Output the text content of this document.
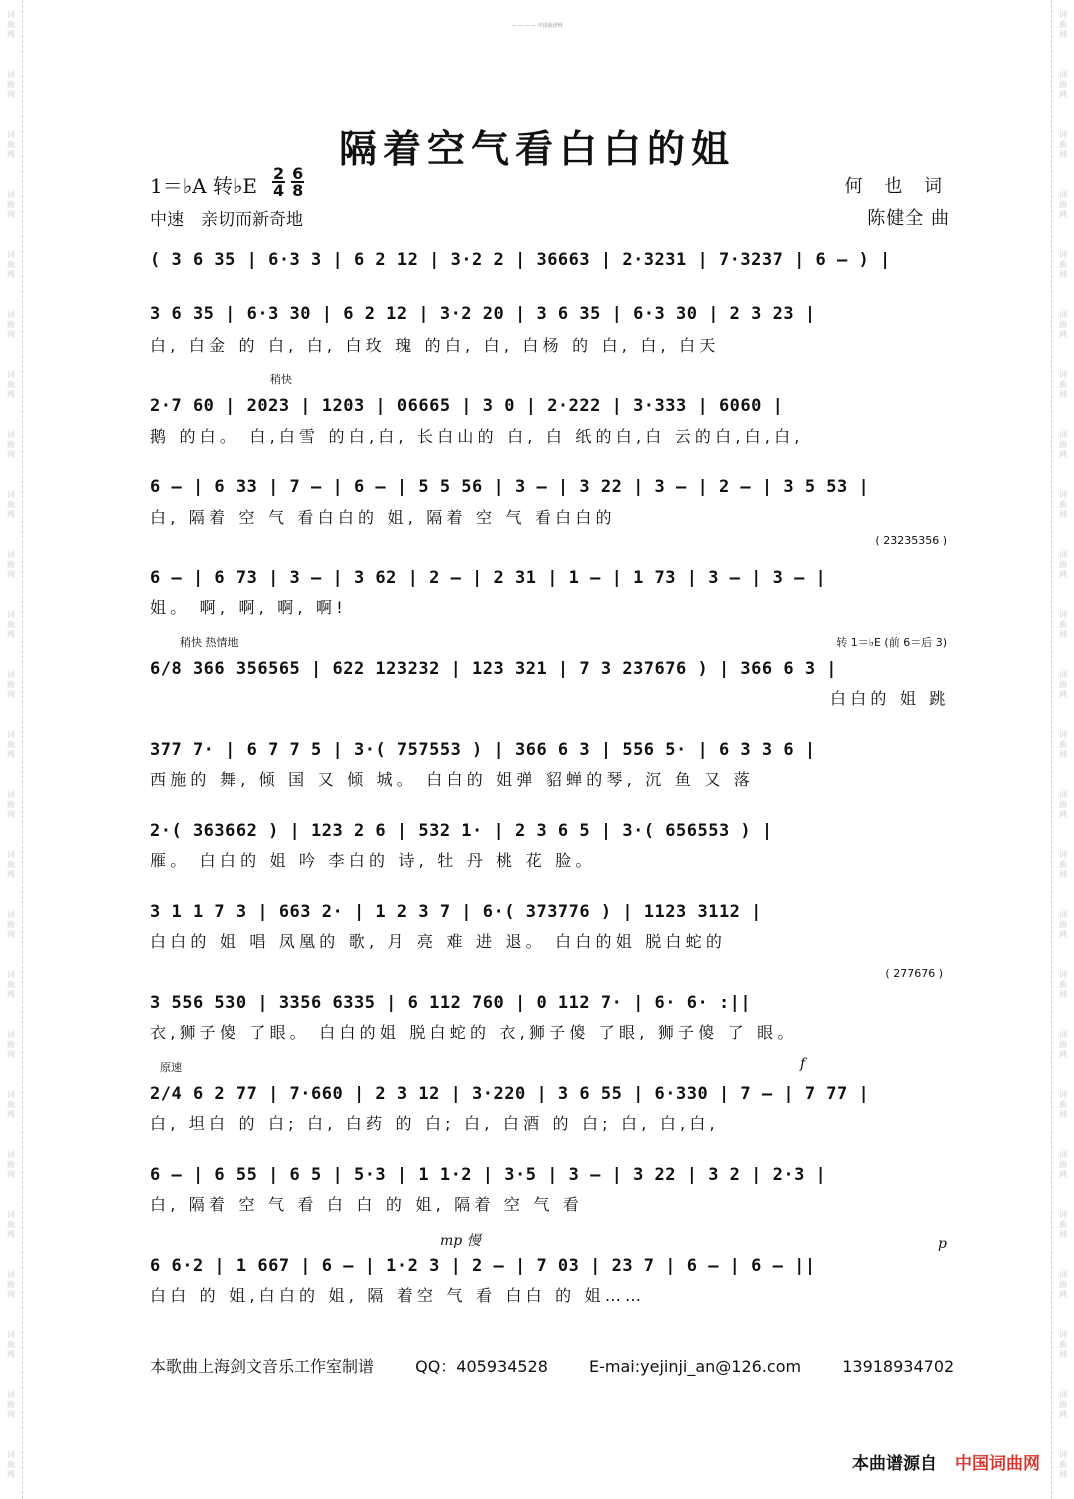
词曲网
词曲网
词曲网
词曲网
词曲网
词曲网
词曲网
词曲网
词曲网
词曲网
词曲网
词曲网
词曲网
词曲网
词曲网
词曲网
词曲网
词曲网
词曲网
词曲网
词曲网
词曲网
词曲网
词曲网
词曲网
词曲网
词曲网
词曲网
词曲网
词曲网
词曲网
词曲网
词曲网
词曲网
词曲网
词曲网
词曲网
词曲网
词曲网
词曲网
词曲网
词曲网
词曲网
词曲网
词曲网
词曲网
词曲网
词曲网
词曲网
词曲网
— — — — 中国曲谱网
隔着空气看白白的姐
1＝♭A 转♭E $\frac{2}{4} \frac{6}{8}$
中速　亲切而新奇地
何 也 词
陈健全 曲
( 3 6 35 | 6·3 3 | 6 2 12 | 3·2 2 | 36663 | 2·3231 | 7·3237 | 6 — ) |
3 6 35 | 6·3 30 | 6 2 12 | 3·2 20 | 3 6 35 | 6·3 30 | 2 3 23 |
白, 白金 的 白, 白, 白玫 瑰 的白, 白, 白杨 的 白, 白, 白天
稍快
2·7 60 | 2023 | 1203 | 06665 | 3 0 | 2·222 | 3·333 | 6060 |
鹅 的白。 白,白雪 的白,白, 长白山的 白, 白 纸的白,白 云的白,白,白,
6 — | 6 33 | 7 — | 6 — | 5 5 56 | 3 — | 3 22 | 3 — | 2 — | 3 5 53 |
白, 隔着 空 气 看白白的 姐, 隔着 空 气 看白白的
( 23235356 )
6 — | 6 73 | 3 — | 3 62 | 2 — | 2 31 | 1 — | 1 73 | 3 — | 3 — |
姐。 啊, 啊, 啊, 啊!
稍快 热情地	转 1＝♭E (前 6＝后 3)
6/8 366 356565 | 622 123232 | 123 321 | 7 3 237676 ) | 366 6 3 |
白白的 姐 跳
377 7· | 6 7 7 5 | 3·( 757553 ) | 366 6 3 | 556 5· | 6 3 3 6 |
西施的 舞, 倾 国 又 倾 城。 白白的 姐弹 貂蝉的琴, 沉 鱼 又 落
2·( 363662 ) | 123 2 6 | 532 1· | 2 3 6 5 | 3·( 656553 ) |
雁。 白白的 姐 吟 李白的 诗, 牡 丹 桃 花 脸。
3 1 1 7 3 | 663 2· | 1 2 3 7 | 6·( 373776 ) | 1123 3112 |
白白的 姐 唱 凤凰的 歌, 月 亮 难 进 退。 白白的姐 脱白蛇的
( 277676 )
3 556 530 | 3356 6335 | 6 112 760 | 0 112 7· | 6· 6· :||
衣,狮子傻 了眼。 白白的姐 脱白蛇的 衣,狮子傻 了眼, 狮子傻 了 眼。
原速	f
2/4 6 2 77 | 7·660 | 2 3 12 | 3·220 | 3 6 55 | 6·330 | 7 — | 7 77 |
白, 坦白 的 白; 白, 白药 的 白; 白, 白酒 的 白; 白, 白,白,
6 — | 6 55 | 6 5 | 5·3 | 1 1·2 | 3·5 | 3 — | 3 22 | 3 2 | 2·3 |
白, 隔着 空 气 看 白 白 的 姐, 隔着 空 气 看
mp 慢	p
6 6·2 | 1 667 | 6 — | 1·2 3 | 2 — | 7 03 | 23 7 | 6 — | 6 — ||
白白 的 姐,白白的 姐, 隔 着空 气 看 白白 的 姐……
本歌曲上海剑文音乐工作室制谱	QQ：405934528	E-mai:yejinji_an@126.com	13918934702
本曲谱源自 中国词曲网
